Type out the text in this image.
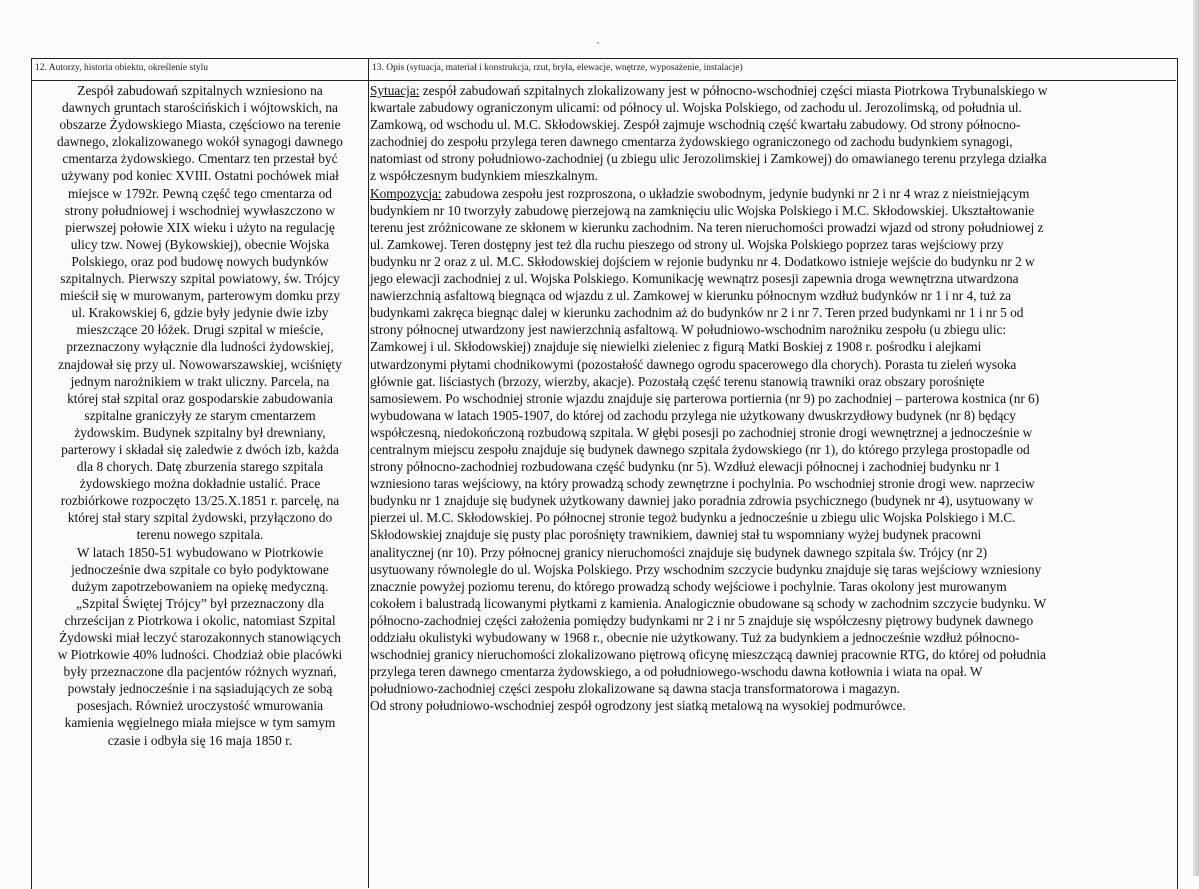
12. Autorzy, historia obiektu, określenie stylu	13. Opis (sytuacja, materiał i konstrukcja, rzut, bryła, elewacje, wnętrze, wyposażenie, instalacje)
Zespół zabudowań szpitalnych wzniesiono na
dawnych gruntach starościńskich i wójtowskich, na
obszarze Żydowskiego Miasta, częściowo na terenie
dawnego, zlokalizowanego wokół synagogi dawnego
cmentarza żydowskiego. Cmentarz ten przestał być
używany pod koniec XVIII. Ostatni pochówek miał
miejsce w 1792r. Pewną część tego cmentarza od
strony południowej i wschodniej wywłaszczono w
pierwszej połowie XIX wieku i użyto na regulację
ulicy tzw. Nowej (Bykowskiej), obecnie Wojska
Polskiego, oraz pod budowę nowych budynków
szpitalnych. Pierwszy szpital powiatowy, św. Trójcy
mieścił się w murowanym, parterowym domku przy
ul. Krakowskiej 6, gdzie były jedynie dwie izby
mieszczące 20 łóżek. Drugi szpital w mieście,
przeznaczony wyłącznie dla ludności żydowskiej,
znajdował się przy ul. Nowowarszawskiej, wciśnięty
jednym narożnikiem w trakt uliczny. Parcela, na
której stał szpital oraz gospodarskie zabudowania
szpitalne graniczyły ze starym cmentarzem
żydowskim. Budynek szpitalny był drewniany,
parterowy i składał się zaledwie z dwóch izb, każda
dla 8 chorych. Datę zburzenia starego szpitala
żydowskiego można dokładnie ustalić. Prace
rozbiórkowe rozpoczęto 13/25.X.1851 r. parcelę, na
której stał stary szpital żydowski, przyłączono do
terenu nowego szpitala.
W latach 1850-51 wybudowano w Piotrkowie
jednocześnie dwa szpitale co było podyktowane
dużym zapotrzebowaniem na opiekę medyczną.
„Szpital Świętej Trójcy” był przeznaczony dla
chrześcijan z Piotrkowa i okolic, natomiast Szpital
Żydowski miał leczyć starozakonnych stanowiących
w Piotrkowie 40% ludności. Chodziaż obie placówki
były przeznaczone dla pacjentów różnych wyznań,
powstały jednocześnie i na sąsiadujących ze sobą
posesjach. Również uroczystość wmurowania
kamienia węgielnego miała miejsce w tym samym
czasie i odbyła się 16 maja 1850 r.
Sytuacja: zespół zabudowań szpitalnych zlokalizowany jest w północno-wschodniej części miasta Piotrkowa Trybunalskiego w
kwartale zabudowy ograniczonym ulicami: od północy ul. Wojska Polskiego, od zachodu ul. Jerozolimską, od południa ul.
Zamkową, od wschodu ul. M.C. Skłodowskiej. Zespół zajmuje wschodnią część kwartału zabudowy. Od strony północno-
zachodniej do zespołu przylega teren dawnego cmentarza żydowskiego ograniczonego od zachodu budynkiem synagogi,
natomiast od strony południowo-zachodniej (u zbiegu ulic Jerozolimskiej i Zamkowej) do omawianego terenu przylega działka
z współczesnym budynkiem mieszkalnym.
Kompozycja: zabudowa zespołu jest rozproszona, o układzie swobodnym, jedynie budynki nr 2 i nr 4 wraz z nieistniejącym
budynkiem nr 10 tworzyły zabudowę pierzejową na zamknięciu ulic Wojska Polskiego i M.C. Skłodowskiej. Ukształtowanie
terenu jest zróżnicowane ze skłonem w kierunku zachodnim. Na teren nieruchomości prowadzi wjazd od strony południowej z
ul. Zamkowej. Teren dostępny jest też dla ruchu pieszego od strony ul. Wojska Polskiego poprzez taras wejściowy przy
budynku nr 2 oraz z ul. M.C. Skłodowskiej dojściem w rejonie budynku nr 4. Dodatkowo istnieje wejście do budynku nr 2 w
jego elewacji zachodniej z ul. Wojska Polskiego. Komunikację wewnątrz posesji zapewnia droga wewnętrzna utwardzona
nawierzchnią asfaltową biegnąca od wjazdu z ul. Zamkowej w kierunku północnym wzdłuż budynków nr 1 i nr 4, tuż za
budynkami zakręca biegnąc dalej w kierunku zachodnim aż do budynków nr 2 i nr 7. Teren przed budynkami nr 1 i nr 5 od
strony północnej utwardzony jest nawierzchnią asfaltową. W południowo-wschodnim narożniku zespołu (u zbiegu ulic:
Zamkowej i ul. Skłodowskiej) znajduje się niewielki zieleniec z figurą Matki Boskiej z 1908 r. pośrodku i alejkami
utwardzonymi płytami chodnikowymi (pozostałość dawnego ogrodu spacerowego dla chorych). Porasta tu zieleń wysoka
głównie gat. liściastych (brzozy, wierzby, akacje). Pozostałą część terenu stanowią trawniki oraz obszary porośnięte
samosiewem. Po wschodniej stronie wjazdu znajduje się parterowa portiernia (nr 9) po zachodniej – parterowa kostnica (nr 6)
wybudowana w latach 1905-1907, do której od zachodu przylega nie użytkowany dwuskrzydłowy budynek (nr 8) będący
współczesną, niedokończoną rozbudową szpitala. W głębi posesji po zachodniej stronie drogi wewnętrznej a jednocześnie w
centralnym miejscu zespołu znajduje się budynek dawnego szpitala żydowskiego (nr 1), do którego przylega prostopadle od
strony północno-zachodniej rozbudowana część budynku (nr 5). Wzdłuż elewacji północnej i zachodniej budynku nr 1
wzniesiono taras wejściowy, na który prowadzą schody zewnętrzne i pochylnia. Po wschodniej stronie drogi wew. naprzeciw
budynku nr 1 znajduje się budynek użytkowany dawniej jako poradnia zdrowia psychicznego (budynek nr 4), usytuowany w
pierzei ul. M.C. Skłodowskiej. Po północnej stronie tegoż budynku a jednocześnie u zbiegu ulic Wojska Polskiego i M.C.
Skłodowskiej znajduje się pusty plac porośnięty trawnikiem, dawniej stał tu wspomniany wyżej budynek pracowni
analitycznej (nr 10). Przy północnej granicy nieruchomości znajduje się budynek dawnego szpitala św. Trójcy (nr 2)
usytuowany równolegle do ul. Wojska Polskiego. Przy wschodnim szczycie budynku znajduje się taras wejściowy wzniesiony
znacznie powyżej poziomu terenu, do którego prowadzą schody wejściowe i pochylnie. Taras okolony jest murowanym
cokołem i balustradą licowanymi płytkami z kamienia. Analogicznie obudowane są schody w zachodnim szczycie budynku. W
północno-zachodniej części założenia pomiędzy budynkami nr 2 i nr 5 znajduje się współczesny piętrowy budynek dawnego
oddziału okulistyki wybudowany w 1968 r., obecnie nie użytkowany. Tuż za budynkiem a jednocześnie wzdłuż północno-
wschodniej granicy nieruchomości zlokalizowano piętrową oficynę mieszczącą dawniej pracownie RTG, do której od południa
przylega teren dawnego cmentarza żydowskiego, a od południowego-wschodu dawna kotłownia i wiata na opał. W
południowo-zachodniej części zespołu zlokalizowane są dawna stacja transformatorowa i magazyn.
Od strony południowo-wschodniej zespół ogrodzony jest siatką metalową na wysokiej podmurówce.
